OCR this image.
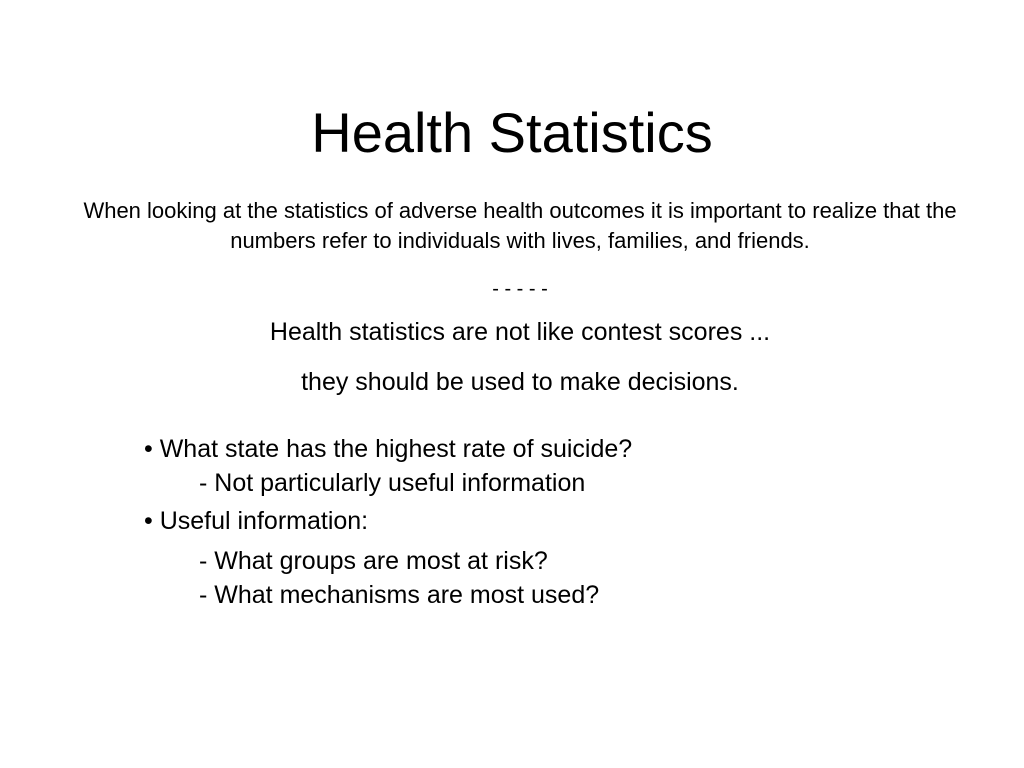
Health Statistics
When looking at the statistics of adverse health outcomes it is important to realize that the numbers refer to individuals with lives, families, and friends.
- - - - -
Health statistics are not like contest scores ...
they should be used to make decisions.
• What state has the highest rate of suicide?
- Not particularly useful information
• Useful information:
- What groups are most at risk?
- What mechanisms are most used?
